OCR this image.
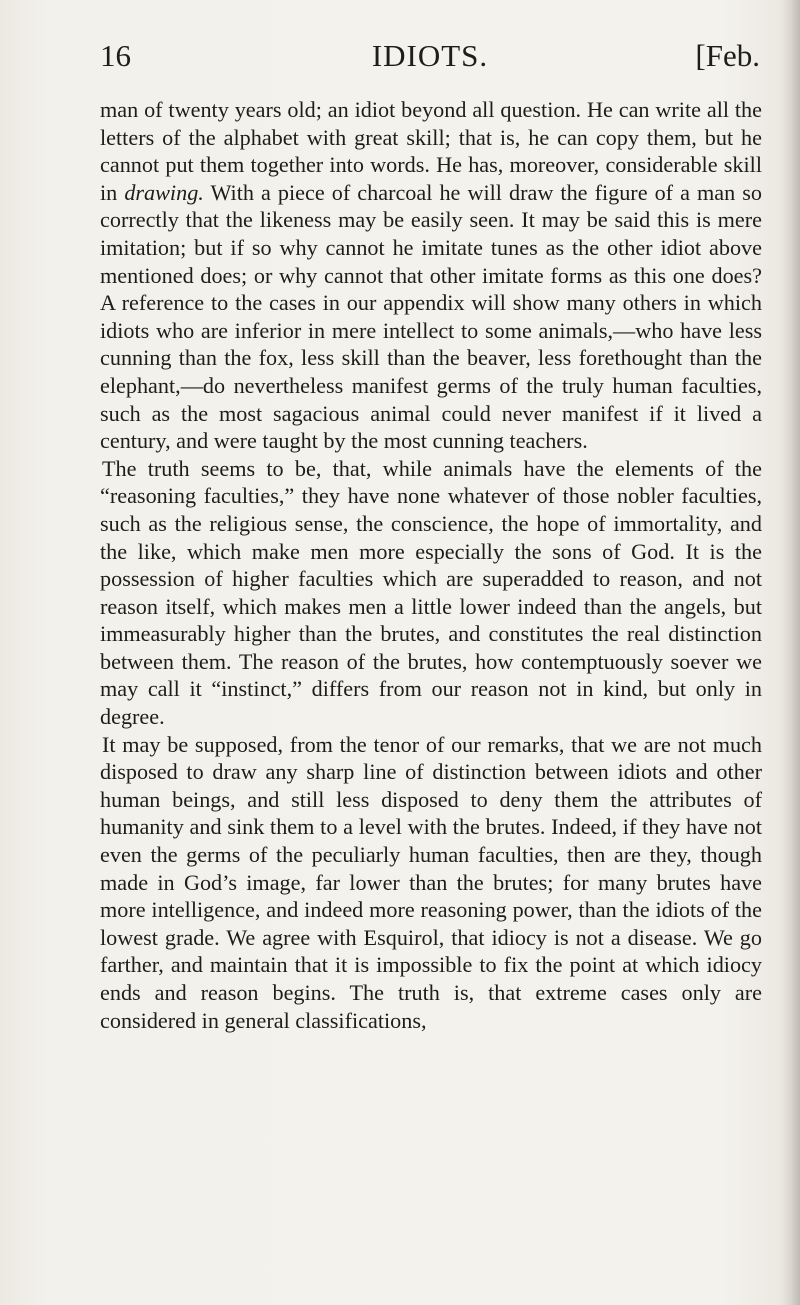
16	IDIOTS.	[Feb.

man of twenty years old; an idiot beyond all question. He can write all the letters of the alphabet with great skill; that is, he can copy them, but he cannot put them together into words. He has, moreover, considerable skill in drawing. With a piece of charcoal he will draw the figure of a man so correctly that the likeness may be easily seen. It may be said this is mere imitation; but if so why cannot he imitate tunes as the other idiot above mentioned does; or why cannot that other imitate forms as this one does? A reference to the cases in our appendix will show many others in which idiots who are inferior in mere intellect to some animals,—who have less cunning than the fox, less skill than the beaver, less forethought than the elephant,—do nevertheless manifest germs of the truly human faculties, such as the most sagacious animal could never manifest if it lived a century, and were taught by the most cunning teachers.

The truth seems to be, that, while animals have the elements of the “reasoning faculties,” they have none whatever of those nobler faculties, such as the religious sense, the conscience, the hope of immortality, and the like, which make men more especially the sons of God. It is the possession of higher faculties which are superadded to reason, and not reason itself, which makes men a little lower indeed than the angels, but immeasurably higher than the brutes, and constitutes the real distinction between them. The reason of the brutes, how contemptuously soever we may call it “instinct,” differs from our reason not in kind, but only in degree.

It may be supposed, from the tenor of our remarks, that we are not much disposed to draw any sharp line of distinction between idiots and other human beings, and still less disposed to deny them the attributes of humanity and sink them to a level with the brutes. Indeed, if they have not even the germs of the peculiarly human faculties, then are they, though made in God’s image, far lower than the brutes; for many brutes have more intelligence, and indeed more reasoning power, than the idiots of the lowest grade. We agree with Esquirol, that idiocy is not a disease. We go farther, and maintain that it is impossible to fix the point at which idiocy ends and reason begins. The truth is, that extreme cases only are considered in general classifications,
